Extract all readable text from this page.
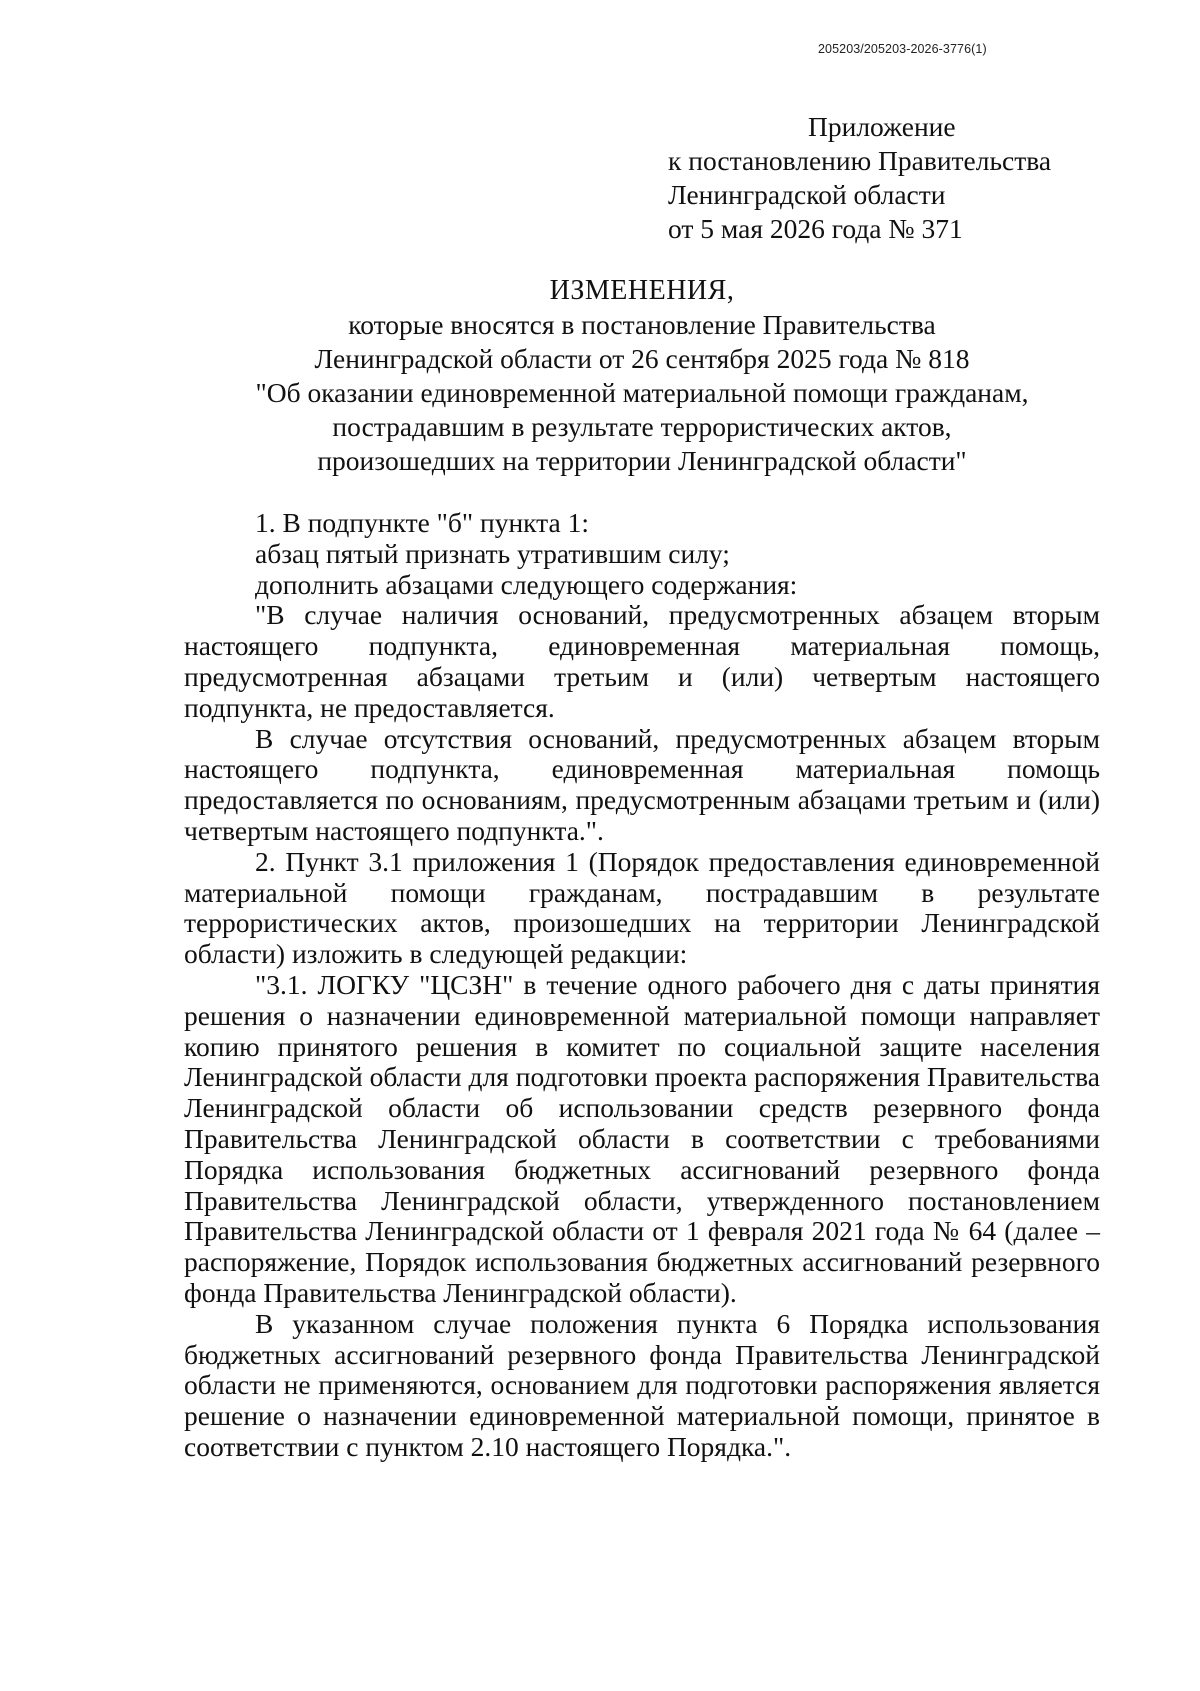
205203/205203-2026-3776(1)
Приложение
к постановлению Правительства
Ленинградской области
от 5 мая 2026 года № 371
ИЗМЕНЕНИЯ,
которые вносятся в постановление Правительства
Ленинградской области от 26 сентября 2025 года № 818
"Об оказании единовременной материальной помощи гражданам,
пострадавшим в результате террористических актов,
произошедших на территории Ленинградской области"

1. В подпункте "б" пункта 1:

абзац пятый признать утратившим силу;

дополнить абзацами следующего содержания:

"В случае наличия оснований, предусмотренных абзацем вторым настоящего подпункта, единовременная материальная помощь, предусмотренная абзацами третьим и (или) четвертым настоящего подпункта, не предоставляется.

В случае отсутствия оснований, предусмотренных абзацем вторым настоящего подпункта, единовременная материальная помощь предоставляется по основаниям, предусмотренным абзацами третьим и (или) четвертым настоящего подпункта.".

2. Пункт 3.1 приложения 1 (Порядок предоставления единовременной материальной помощи гражданам, пострадавшим в результате террористических актов, произошедших на территории Ленинградской области) изложить в следующей редакции:

"3.1. ЛОГКУ "ЦСЗН" в течение одного рабочего дня с даты принятия решения о назначении единовременной материальной помощи направляет копию принятого решения в комитет по социальной защите населения Ленинградской области для подготовки проекта распоряжения Правительства Ленинградской области об использовании средств резервного фонда Правительства Ленинградской области в соответствии с требованиями Порядка использования бюджетных ассигнований резервного фонда Правительства Ленинградской области, утвержденного постановлением Правительства Ленинградской области от 1 февраля 2021 года № 64 (далее – распоряжение, Порядок использования бюджетных ассигнований резервного фонда Правительства Ленинградской области).

В указанном случае положения пункта 6 Порядка использования бюджетных ассигнований резервного фонда Правительства Ленинградской области не применяются, основанием для подготовки распоряжения является решение о назначении единовременной материальной помощи, принятое в соответствии с пунктом 2.10 настоящего Порядка.".
